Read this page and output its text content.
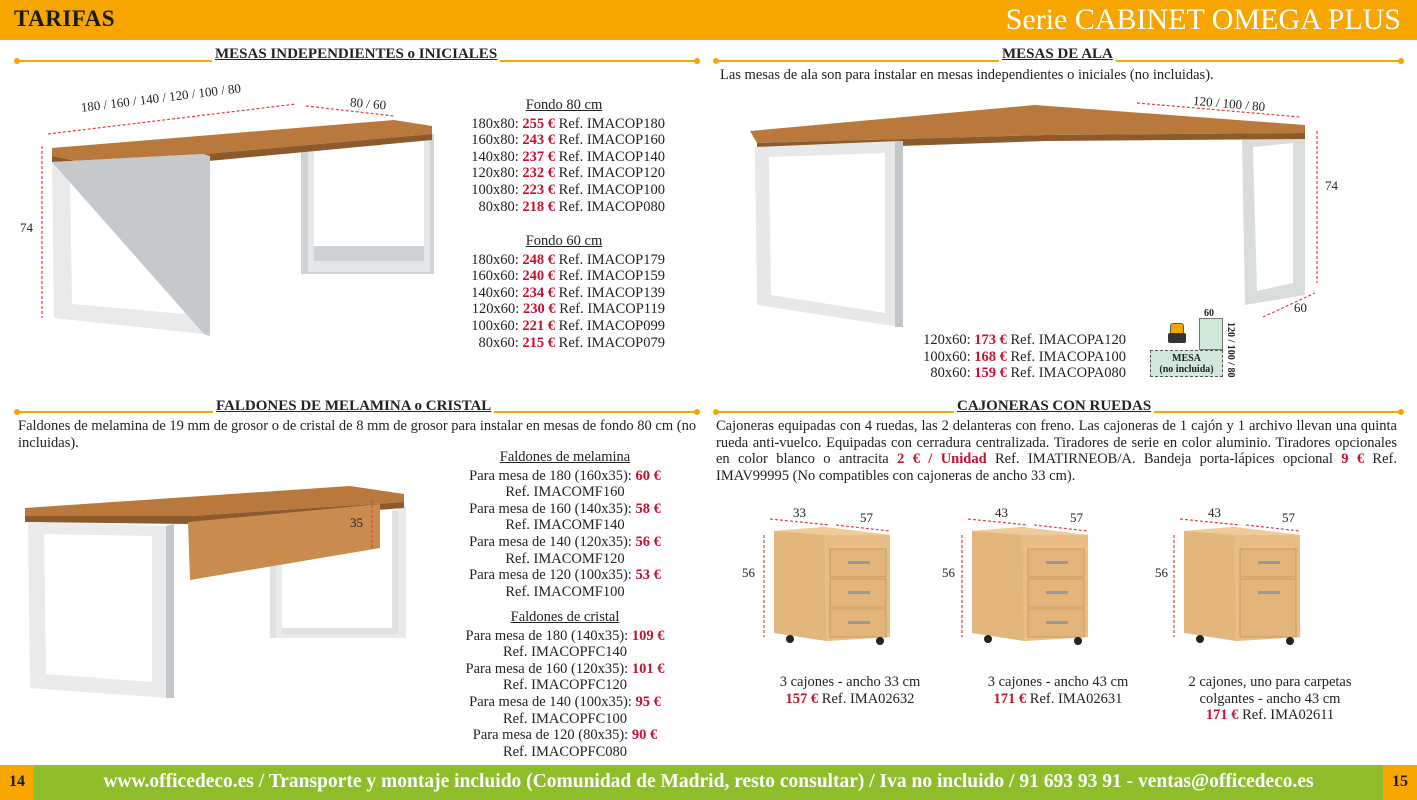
TARIFAS	Serie CABINET OMEGA PLUS
MESAS INDEPENDIENTES o INICIALES	MESAS DE ALA
180 / 160 / 140 / 120 / 100 / 80	80 / 60
74
Fondo 80 cm
180x80: 255 € Ref. IMACOP180
160x80: 243 € Ref. IMACOP160
140x80: 237 € Ref. IMACOP140
120x80: 232 € Ref. IMACOP120
100x80: 223 € Ref. IMACOP100
80x80: 218 € Ref. IMACOP080
Fondo 60 cm
180x60: 248 € Ref. IMACOP179
160x60: 240 € Ref. IMACOP159
140x60: 234 € Ref. IMACOP139
120x60: 230 € Ref. IMACOP119
100x60: 221 € Ref. IMACOP099
80x60: 215 € Ref. IMACOP079
Las mesas de ala son para instalar en mesas independientes o iniciales (no incluidas).
120 / 100 / 80
74
60
120x60: 173 € Ref. IMACOPA120
100x60: 168 € Ref. IMACOPA100
80x60: 159 € Ref. IMACOPA080
MESA
(no incluida)
60
120 / 100 / 80
FALDONES DE MELAMINA o CRISTAL
Faldones de melamina de 19 mm de grosor o de cristal de 8 mm de grosor para instalar en mesas de fondo 80 cm (no incluidas).
35
Faldones de melamina
Para mesa de 180 (160x35): 60 €
Ref. IMACOMF160
Para mesa de 160 (140x35): 58 €
Ref. IMACOMF140
Para mesa de 140 (120x35): 56 €
Ref. IMACOMF120
Para mesa de 120 (100x35): 53 €
Ref. IMACOMF100
Faldones de cristal
Para mesa de 180 (140x35): 109 €
Ref. IMACOPFC140
Para mesa de 160 (120x35): 101 €
Ref. IMACOPFC120
Para mesa de 140 (100x35): 95 €
Ref. IMACOPFC100
Para mesa de 120 (80x35): 90 €
Ref. IMACOPFC080
CAJONERAS CON RUEDAS
Cajoneras equipadas con 4 ruedas, las 2 delanteras con freno. Las cajoneras de 1 cajón y 1 archivo llevan una quinta rueda anti-vuelco. Equipadas con cerradura centralizada. Tiradores de serie en color aluminio. Tiradores opcionales en color blanco o antracita 2 € / Unidad Ref. IMATIRNEOB/A. Bandeja porta-lápices opcional 9 € Ref. IMAV99995 (No compatibles con cajoneras de ancho 33 cm).
33	57
56
43	57
56
43	57
56
3 cajones - ancho 33 cm
157 € Ref. IMA02632
3 cajones - ancho 43 cm
171 € Ref. IMA02631
2 cajones, uno para carpetas
colgantes - ancho 43 cm
171 € Ref. IMA02611
www.officedeco.es / Transporte y montaje incluido (Comunidad de Madrid, resto consultar) / Iva no incluido / 91 693 93 91 - ventas@officedeco.es
14	15
